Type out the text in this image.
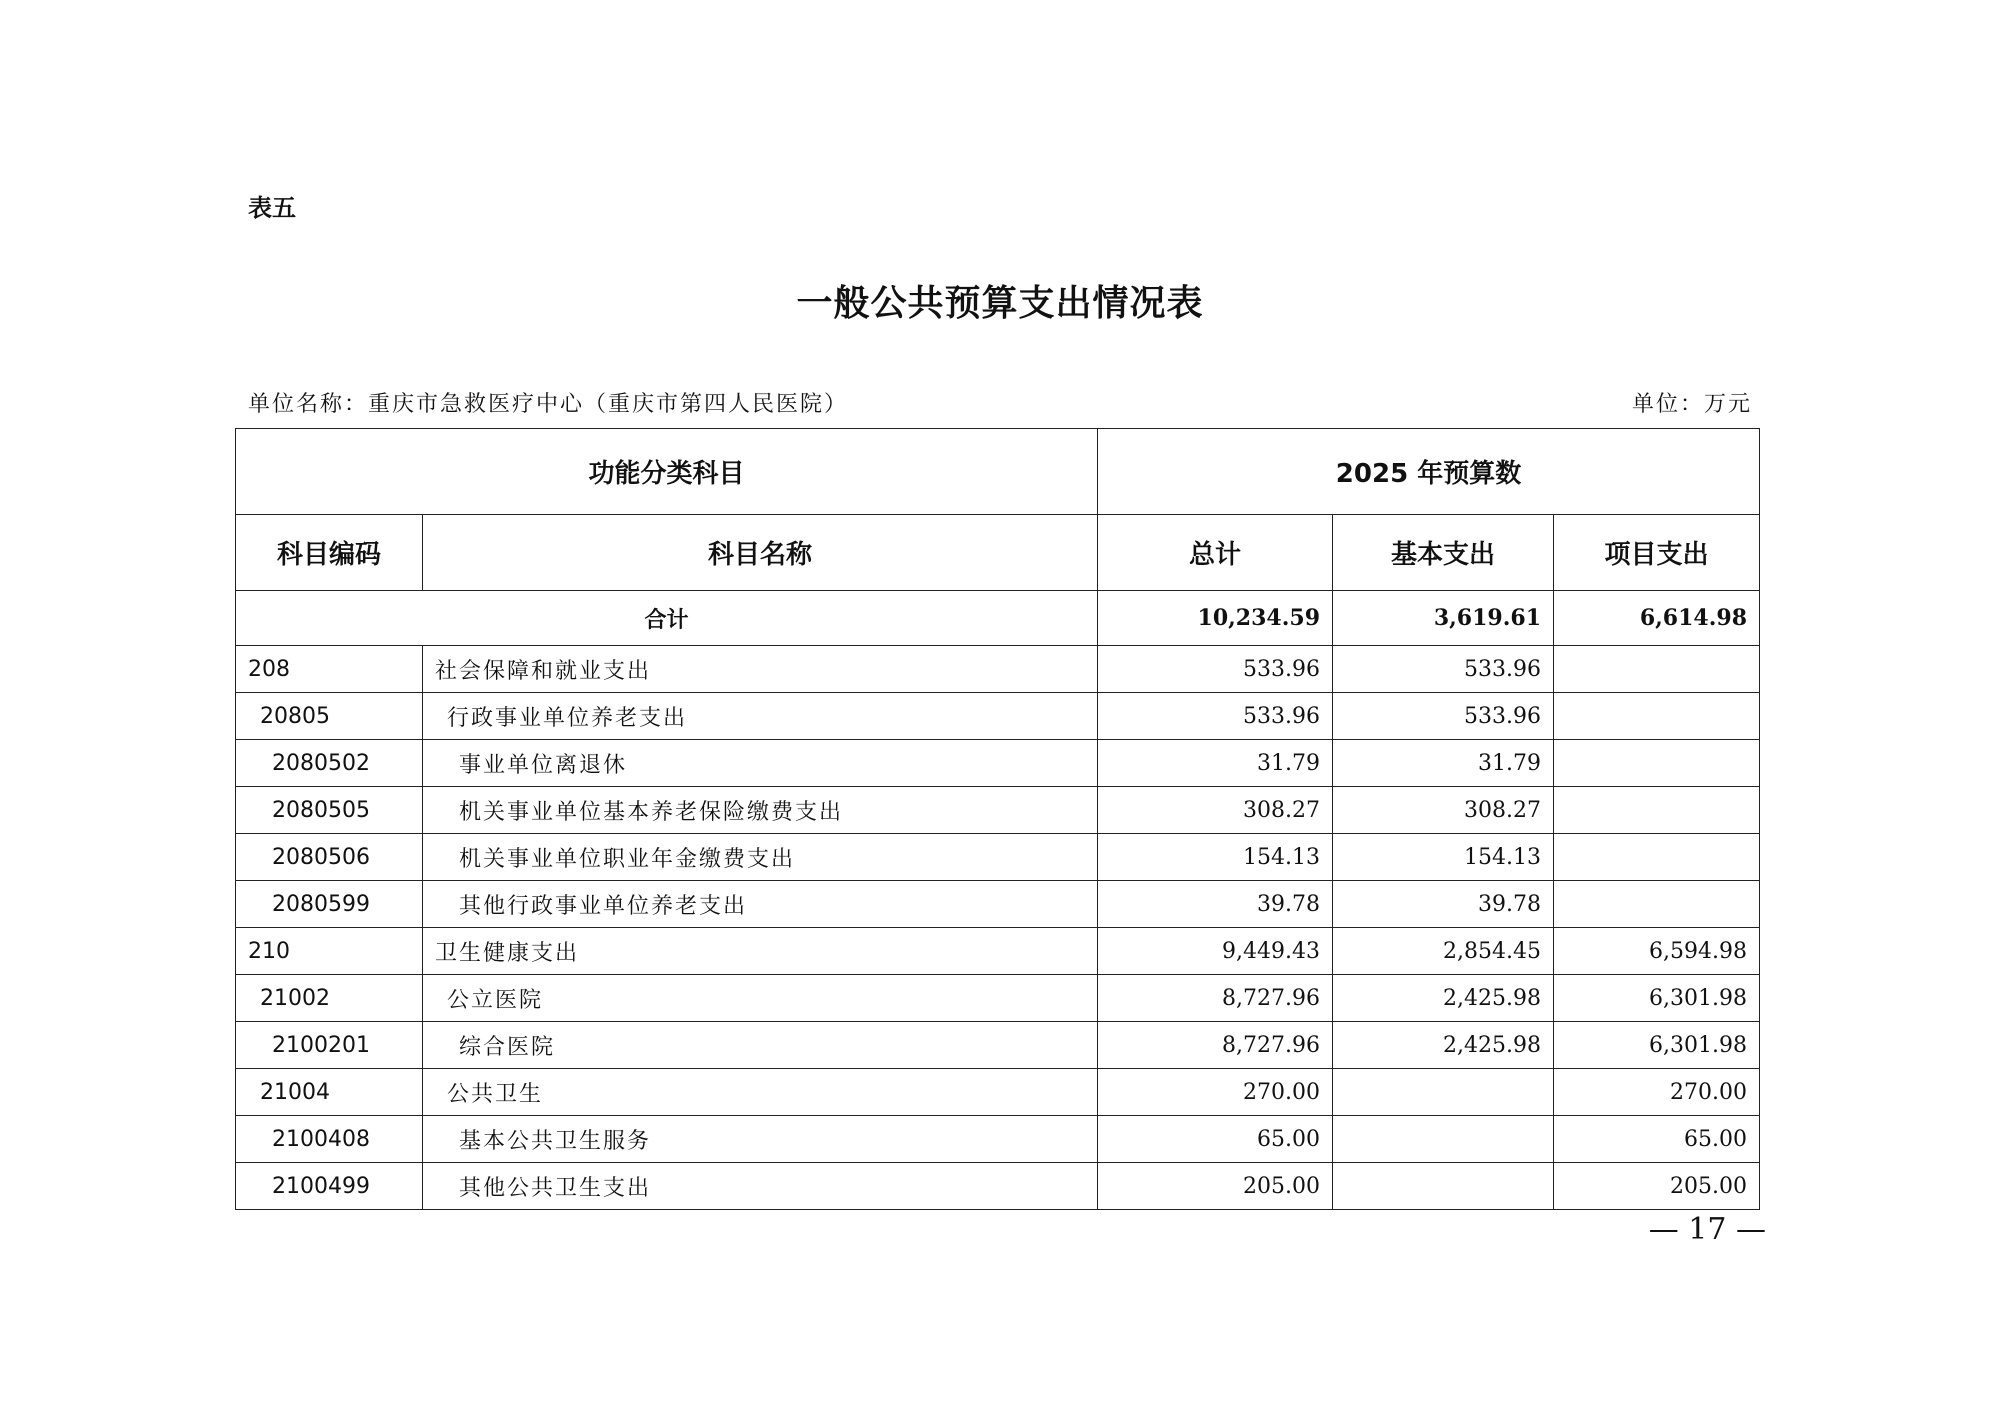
表五
一般公共预算支出情况表
单位名称：重庆市急救医疗中心（重庆市第四人民医院）	单位：万元
功能分类科目		2025 年预算数		
科目编码	科目名称	总计	基本支出	项目支出
合计		10,234.59	3,619.61	6,614.98
208	社会保障和就业支出	533.96	533.96	
20805	行政事业单位养老支出	533.96	533.96	
2080502	事业单位离退休	31.79	31.79	
2080505	机关事业单位基本养老保险缴费支出	308.27	308.27	
2080506	机关事业单位职业年金缴费支出	154.13	154.13	
2080599	其他行政事业单位养老支出	39.78	39.78	
210	卫生健康支出	9,449.43	2,854.45	6,594.98
21002	公立医院	8,727.96	2,425.98	6,301.98
2100201	综合医院	8,727.96	2,425.98	6,301.98
21004	公共卫生	270.00		270.00
2100408	基本公共卫生服务	65.00		65.00
2100499	其他公共卫生支出	205.00		205.00
— 17 —
